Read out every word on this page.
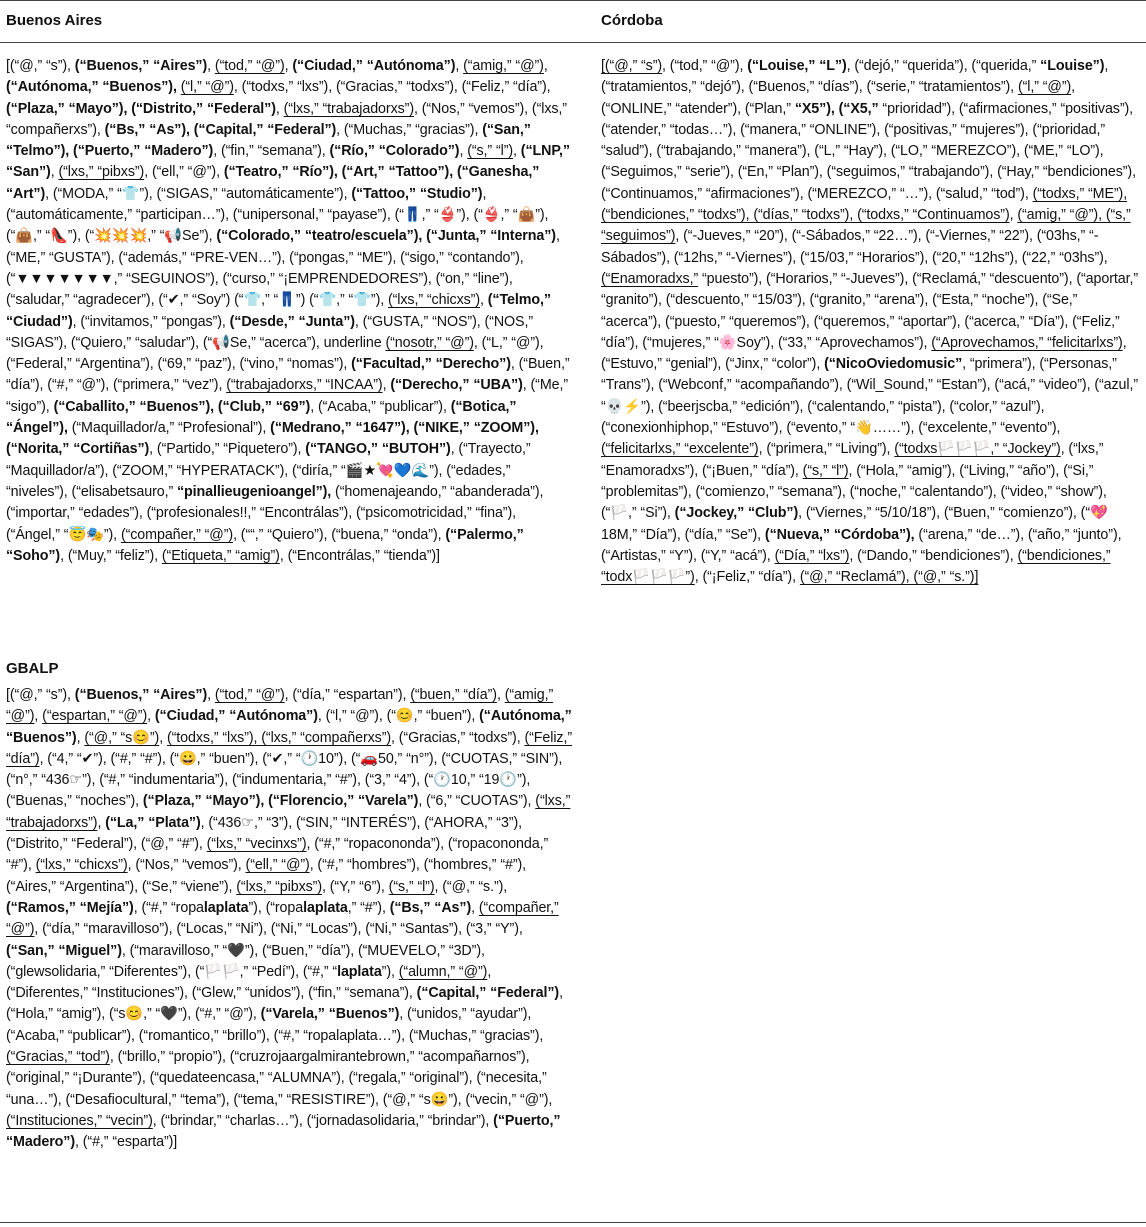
Buenos Aires	Córdoba
[(“@,” “s”), (“Buenos,” “Aires”), (“tod,” “@”), (“Ciudad,” “Autónoma”), (“amig,” “@”), (“Autónoma,” “Buenos”), (“l,” “@”), (“todxs,” “lxs”), (“Gracias,” “todxs”), (“Feliz,” “día”), (“Plaza,” “Mayo”), (“Distrito,” “Federal”), (“lxs,” “trabajadorxs”), (“Nos,” “vemos”), (“lxs,” “compañerxs”), (“Bs,” “As”), (“Capital,” “Federal”), (“Muchas,” “gracias”), (“San,” “Telmo”), (“Puerto,” “Madero”), (“fin,” “semana”), (“Río,” “Colorado”), (“s,” “l”), (“LNP,” “San”), (“lxs,” “pibxs”), (“ell,” “@”), (“Teatro,” “Río”), (“Art,” “Tattoo”), (“Ganesha,” “Art”), (“MODA,” “👕”), (“SIGAS,” “automáticamente”), (“Tattoo,” “Studio”), (“automáticamente,” “participan…”), (“unipersonal,” “payase”), (“👖,” “👙”), (“👙,” “👜”), (“👜,” “👠”), (“💥💥💥,” “📢Se”), (“Colorado,” “teatro/escuela”), (“Junta,” “Interna”), (“ME,” “GUSTA”), (“además,” “PRE-VEN…”), (“pongas,” “ME”), (“sigo,” “contando”), (“▼▼▼▼▼▼▼,” “SEGUINOS”), (“curso,” “¡EMPRENDEDORES”), (“on,” “line”), (“saludar,” “agradecer”), (“✔,” “Soy”) (“👕,” “👖”) (“👕,” “👕”), (“lxs,” “chicxs”), (“Telmo,” “Ciudad”), (“invitamos,” “pongas”), (“Desde,” “Junta”), (“GUSTA,” “NOS”), (“NOS,” “SIGAS”), (“Quiero,” “saludar”), (“📢Se,” “acerca”), underline (“nosotr,” “@”), (“L,” “@”), (“Federal,” “Argentina”), (“69,” “paz”), (“vino,” “nomas”), (“Facultad,” “Derecho”), (“Buen,” “día”), (“#,” “@”), (“primera,” “vez”), (“trabajadorxs,” “INCAA”), (“Derecho,” “UBA”), (“Me,” “sigo”), (“Caballito,” “Buenos”), (“Club,” “69”), (“Acaba,” “publicar”), (“Botica,” “Ángel”), (“Maquillador/a,” “Profesional”), (“Medrano,” “1647”), (“NIKE,” “ZOOM”), (“Norita,” “Cortiñas”), (“Partido,” “Piquetero”), (“TANGO,” “BUTOH”), (“Trayecto,” “Maquillador/a”), (“ZOOM,” “HYPERATACK”), (“diría,” “🎬★💘💙🌊”), (“edades,” “niveles”), (“elisabetsauro,” “pinallieugenioangel”), (“homenajeando,” “abanderada”), (“importar,” “edades”), (“profesionales!!,” “Encontrálas”), (“psicomotricidad,” “fina”), (“Ángel,” “😇🎭”), (“compañer,” “@”), (““,” “Quiero”), (“buena,” “onda”), (“Palermo,” “Soho”), (“Muy,” “feliz”), (“Etiqueta,” “amig”), (“Encontrálas,” “tienda”)]
[(“@,” “s”), (“tod,” “@”), (“Louise,” “L”), (“dejó,” “querida”), (“querida,” “Louise”), (“tratamientos,” “dejó”), (“Buenos,” “días”), (“serie,” “tratamientos”), (“l,” “@”), (“ONLINE,” “atender”), (“Plan,” “X5”), (“X5,” “prioridad”), (“afirmaciones,” “positivas”), (“atender,” “todas…”), (“manera,” “ONLINE”), (“positivas,” “mujeres”), (“prioridad,” “salud”), (“trabajando,” “manera”), (“L,” “Hay”), (“LO,” “MEREZCO”), (“ME,” “LO”), (“Seguimos,” “serie”), (“En,” “Plan”), (“seguimos,” “trabajando”), (“Hay,” “bendiciones”), (“Continuamos,” “afirmaciones”), (“MEREZCO,” “…”), (“salud,” “tod”), (“todxs,” “ME”), (“bendiciones,” “todxs”), (“días,” “todxs”), (“todxs,” “Continuamos”), (“amig,” “@”), (“s,” “seguimos”), (“-Jueves,” “20”), (“-Sábados,” “22…”), (“-Viernes,” “22”), (“03hs,” “-Sábados”), (“12hs,” “-Viernes”), (“15/03,” “Horarios”), (“20,” “12hs”), (“22,” “03hs”), (“Enamoradxs,” “puesto”), (“Horarios,” “-Jueves”), (“Reclamá,” “descuento”), (“aportar,” “granito”), (“descuento,” “15/03”), (“granito,” “arena”), (“Esta,” “noche”), (“Se,” “acerca”), (“puesto,” “queremos”), (“queremos,” “aportar”), (“acerca,” “Día”), (“Feliz,” “día”), (“mujeres,” “🌸Soy”), (“33,” “Aprovechamos”), (“Aprovechamos,” “felicitarlxs”), (“Estuvo,” “genial”), (“Jinx,” “color”), (“NicoOviedomusic”, “primera”), (“Personas,” “Trans”), (“Webconf,” “acompañando”), (“Wil_Sound,” “Estan”), (“acá,” “video”), (“azul,” “💀⚡”), (“beerjscba,” “edición”), (“calentando,” “pista”), (“color,” “azul”), (“conexionhiphop,” “Estuvo”), (“evento,” “👋……”), (“excelente,” “evento”), (“felicitarlxs,” “excelente”), (“primera,” “Living”), (“todxs🏳️🏳️🏳️,” “Jockey”), (“lxs,” “Enamoradxs”), (“¡Buen,” “día”), (“s,” “l”), (“Hola,” “amig”), (“Living,” “año”), (“Si,” “problemitas”), (“comienzo,” “semana”), (“noche,” “calentando”), (“video,” “show”), (“🏳️,” “Si”), (“Jockey,” “Club”), (“Viernes,” “5/10/18”), (“Buen,” “comienzo”), (“💖18M,” “Día”), (“día,” “Se”), (“Nueva,” “Córdoba”), (“arena,” “de…”), (“año,” “junto”), (“Artistas,” “Y”), (“Y,” “acá”), (“Día,” “lxs”), (“Dando,” “bendiciones”), (“bendiciones,” “todx🏳️🏳️🏳️”), (“¡Feliz,” “día”), (“@,” “Reclamá”), (“@,” “s.”)]
GBALP
[(“@,” “s”), (“Buenos,” “Aires”), (“tod,” “@”), (“día,” “espartan”), (“buen,” “día”), (“amig,” “@”), (“espartan,” “@”), (“Ciudad,” “Autónoma”), (“l,” “@”), (“😊,” “buen”), (“Autónoma,” “Buenos”), (“@,” “s😊”), (“todxs,” “lxs”), (“lxs,” “compañerxs”), (“Gracias,” “todxs”), (“Feliz,” “día”), (“4,” “✔”), (“#,” “#”), (“😀,” “buen”), (“✔,” “🕐10”), (“🚗50,” “n°”), (“CUOTAS,” “SIN”), (“n°,” “436☞”), (“#,” “indumentaria”), (“indumentaria,” “#”), (“3,” “4”), (“🕐10,” “19🕐”), (“Buenas,” “noches”), (“Plaza,” “Mayo”), (“Florencio,” “Varela”), (“6,” “CUOTAS”), (“lxs,” “trabajadorxs”), (“La,” “Plata”), (“436☞,” “3”), (“SIN,” “INTERÉS”), (“AHORA,” “3”), (“Distrito,” “Federal”), (“@,” “#”), (“lxs,” “vecinxs”), (“#,” “ropacononda”), (“ropacononda,” “#”), (“lxs,” “chicxs”), (“Nos,” “vemos”), (“ell,” “@”), (“#,” “hombres”), (“hombres,” “#”), (“Aires,” “Argentina”), (“Se,” “viene”), (“lxs,” “pibxs”), (“Y,” “6”), (“s,” “l”), (“@,” “s.”), (“Ramos,” “Mejía”), (“#,” “ropalaplata”), (“ropalaplata,” “#”), (“Bs,” “As”), (“compañer,” “@”), (“día,” “maravilloso”), (“Locas,” “Ni”), (“Ni,” “Locas”), (“Ni,” “Santas”), (“3,” “Y”), (“San,” “Miguel”), (“maravilloso,” “🖤”), (“Buen,” “día”), (“MUEVELO,” “3D”), (“glewsolidaria,” “Diferentes”), (“🏳️🏳️,” “Pedí”), (“#,” “laplata”), (“alumn,” “@”), (“Diferentes,” “Instituciones”), (“Glew,” “unidos”), (“fin,” “semana”), (“Capital,” “Federal”), (“Hola,” “amig”), (“s😊,” “🖤”), (“#,” “@”), (“Varela,” “Buenos”), (“unidos,” “ayudar”), (“Acaba,” “publicar”), (“romantico,” “brillo”), (“#,” “ropalaplata…”), (“Muchas,” “gracias”), (“Gracias,” “tod”), (“brillo,” “propio”), (“cruzrojaargalmirantebrown,” “acompañarnos”), (“original,” “¡Durante”), (“quedateencasa,” “ALUMNA”), (“regala,” “original”), (“necesita,” “una…”), (“Desafiocultural,” “tema”), (“tema,” “RESISTIRE”), (“@,” “s😀”), (“vecin,” “@”), (“Instituciones,” “vecin”), (“brindar,” “charlas…”), (“jornadasolidaria,” “brindar”), (“Puerto,” “Madero”), (“#,” “esparta”)]
